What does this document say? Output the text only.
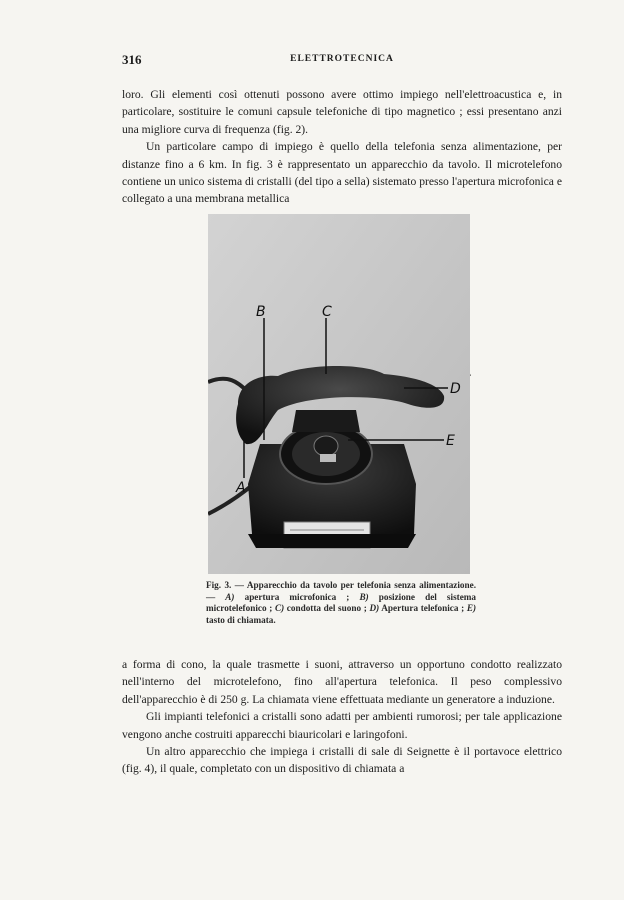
316	ELETTROTECNICA

loro. Gli elementi così ottenuti possono avere ottimo impiego nell'elettroacustica e, in particolare, sostituire le comuni capsule telefoniche di tipo magnetico ; essi presentano anzi una migliore curva di frequenza (fig. 2).

Un particolare campo di impiego è quello della telefonia senza alimentazione, per distanze fino a 6 km. In fig. 3 è rappresentato un apparecchio da tavolo. Il microtelefono contiene un unico sistema di cristalli (del tipo a sella) sistemato presso l'apertura microfonica e collegato a una membrana metallica

B	C
D
E
A
Fig. 3. — Apparecchio da tavolo per telefonia senza alimentazione. — A) apertura microfonica ; B) posizione del sistema microtelefonico ; C) condotta del suono ; D) Apertura telefonica ; E) tasto di chiamata.

a forma di cono, la quale trasmette i suoni, attraverso un opportuno condotto realizzato nell'interno del microtelefono, fino all'apertura telefonica. Il peso complessivo dell'apparecchio è di 250 g. La chiamata viene effettuata mediante un generatore a induzione.

Gli impianti telefonici a cristalli sono adatti per ambienti rumorosi; per tale applicazione vengono anche costruiti apparecchi biauricolari e laringofoni.

Un altro apparecchio che impiega i cristalli di sale di Seignette è il portavoce elettrico (fig. 4), il quale, completato con un dispositivo di chiamata a
